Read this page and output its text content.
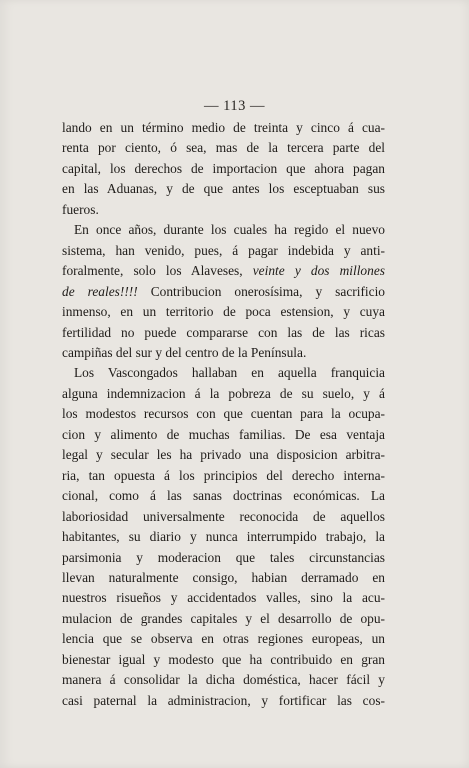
— 113 —
lando en un término medio de treinta y cinco á cua-
renta por ciento, ó sea, mas de la tercera parte del
capital, los derechos de importacion que ahora pagan
en las Aduanas, y de que antes los esceptuaban sus
fueros.
En once años, durante los cuales ha regido el nuevo
sistema, han venido, pues, á pagar indebida y anti-
foralmente, solo los Alaveses, veinte y dos millones
de reales!!!! Contribucion onerosísima, y sacrificio
inmenso, en un territorio de poca estension, y cuya
fertilidad no puede compararse con las de las ricas
campiñas del sur y del centro de la Península.
Los Vascongados hallaban en aquella franquicia
alguna indemnizacion á la pobreza de su suelo, y á
los modestos recursos con que cuentan para la ocupa-
cion y alimento de muchas familias. De esa ventaja
legal y secular les ha privado una disposicion arbitra-
ria, tan opuesta á los principios del derecho interna-
cional, como á las sanas doctrinas económicas. La
laboriosidad universalmente reconocida de aquellos
habitantes, su diario y nunca interrumpido trabajo, la
parsimonia y moderacion que tales circunstancias
llevan naturalmente consigo, habian derramado en
nuestros risueños y accidentados valles, sino la acu-
mulacion de grandes capitales y el desarrollo de opu-
lencia que se observa en otras regiones europeas, un
bienestar igual y modesto que ha contribuido en gran
manera á consolidar la dicha doméstica, hacer fácil y
casi paternal la administracion, y fortificar las cos-
